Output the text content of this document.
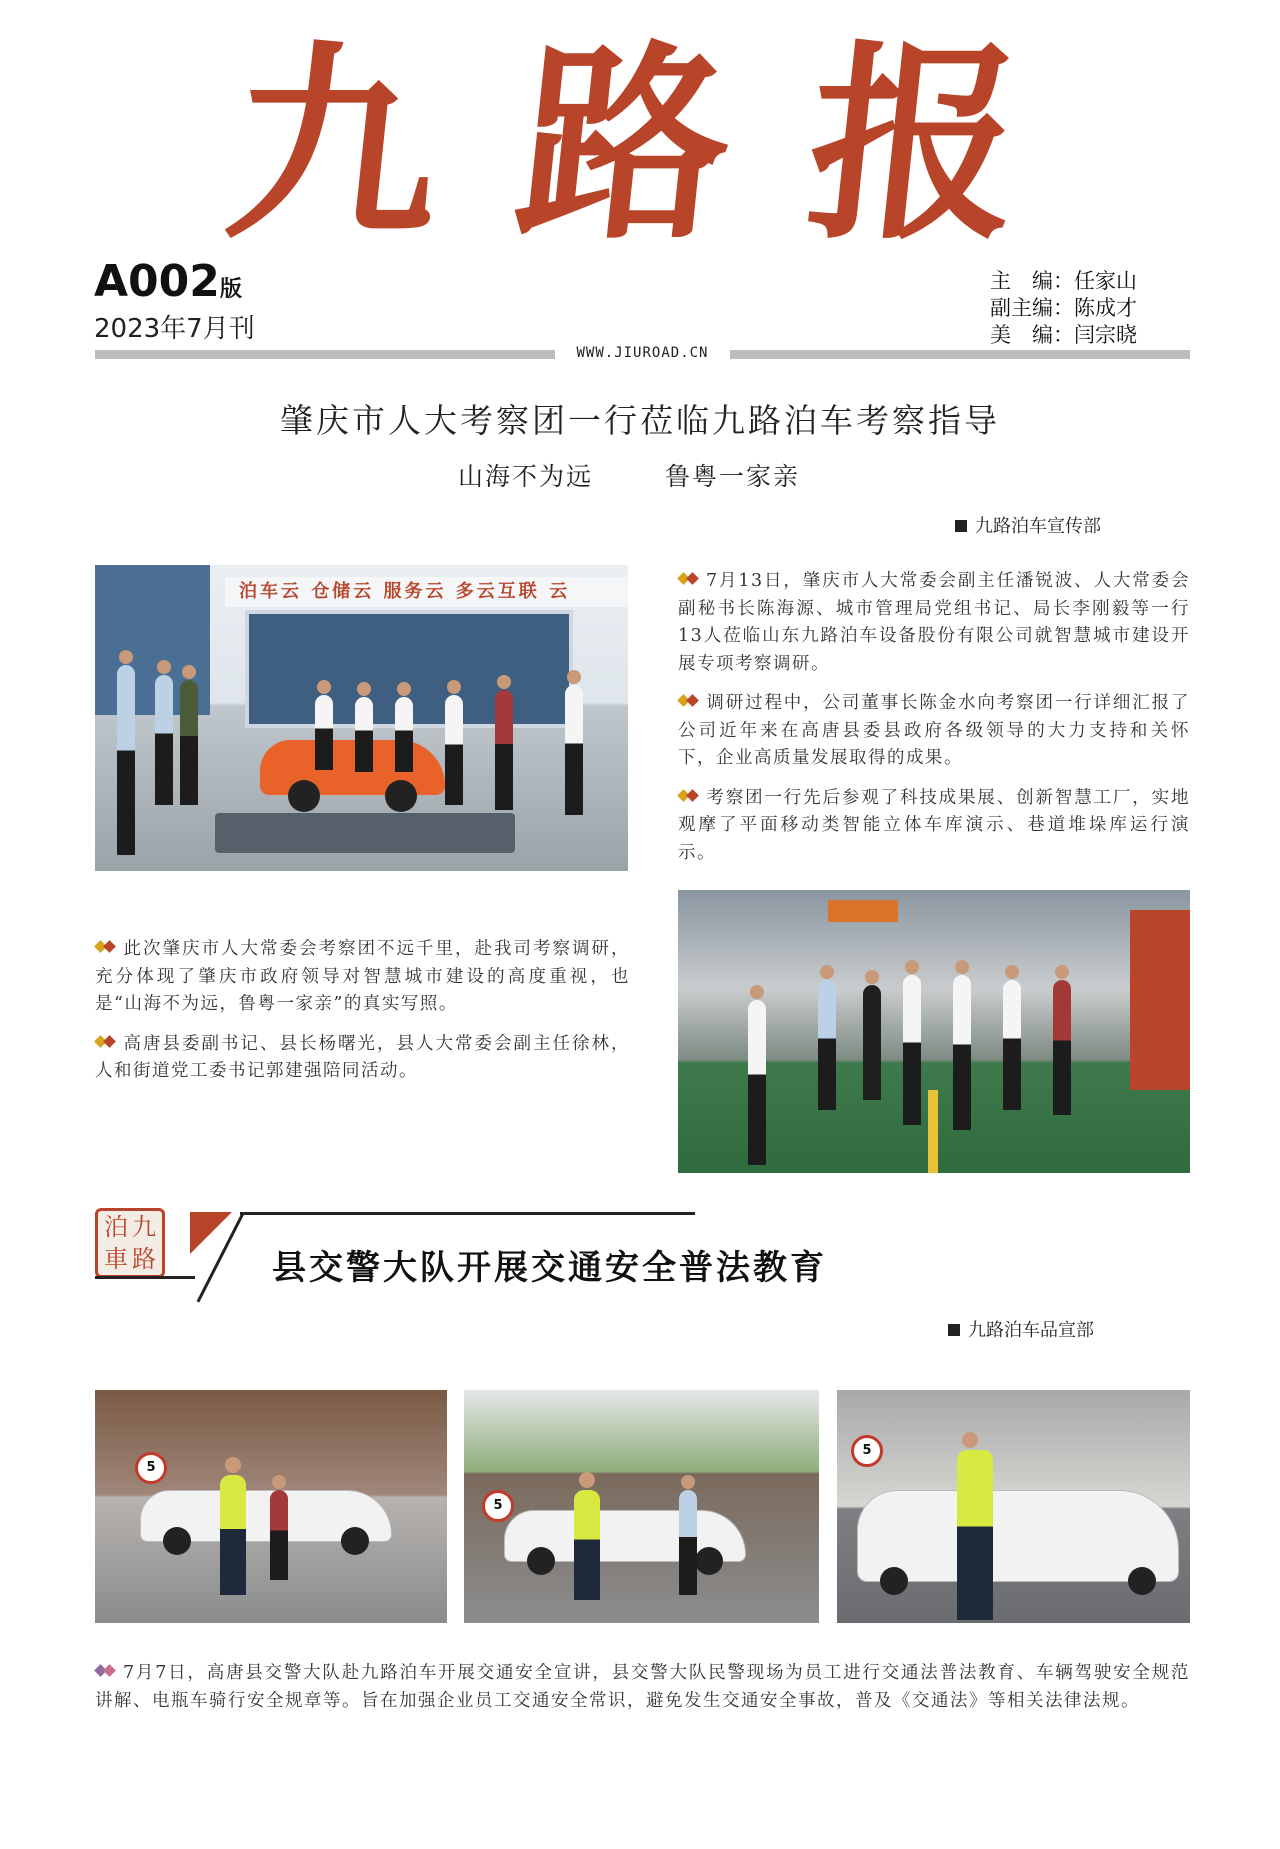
九 路 报
A002版
2023年7月刊
主　编：任家山
副主编：陈成才
美　编：闫宗晓
WWW.JIUROAD.CN
肇庆市人大考察团一行莅临九路泊车考察指导
山海不为远	鲁粤一家亲
九路泊车宣传部
泊车云 仓储云 服务云 多云互联 云	7月13日，肇庆市人大常委会副主任潘锐波、人大常委会副秘书长陈海源、城市管理局党组书记、局长李刚毅等一行13人莅临山东九路泊车设备股份有限公司就智慧城市建设开展专项考察调研。

调研过程中，公司董事长陈金水向考察团一行详细汇报了公司近年来在高唐县委县政府各级领导的大力支持和关怀下，企业高质量发展取得的成果。

考察团一行先后参观了科技成果展、创新智慧工厂，实地观摩了平面移动类智能立体车库演示、巷道堆垛库运行演示。

此次肇庆市人大常委会考察团不远千里，赴我司考察调研，充分体现了肇庆市政府领导对智慧城市建设的高度重视，也是“山海不为远，鲁粤一家亲”的真实写照。

高唐县委副书记、县长杨曙光，县人大常委会副主任徐林，人和街道党工委书记郭建强陪同活动。

泊 九
車 路	县交警大队开展交通安全普法教育
九路泊车品宣部
5
5
5

7月7日，高唐县交警大队赴九路泊车开展交通安全宣讲，县交警大队民警现场为员工进行交通法普法教育、车辆驾驶安全规范讲解、电瓶车骑行安全规章等。旨在加强企业员工交通安全常识，避免发生交通安全事故，普及《交通法》等相关法律法规。
